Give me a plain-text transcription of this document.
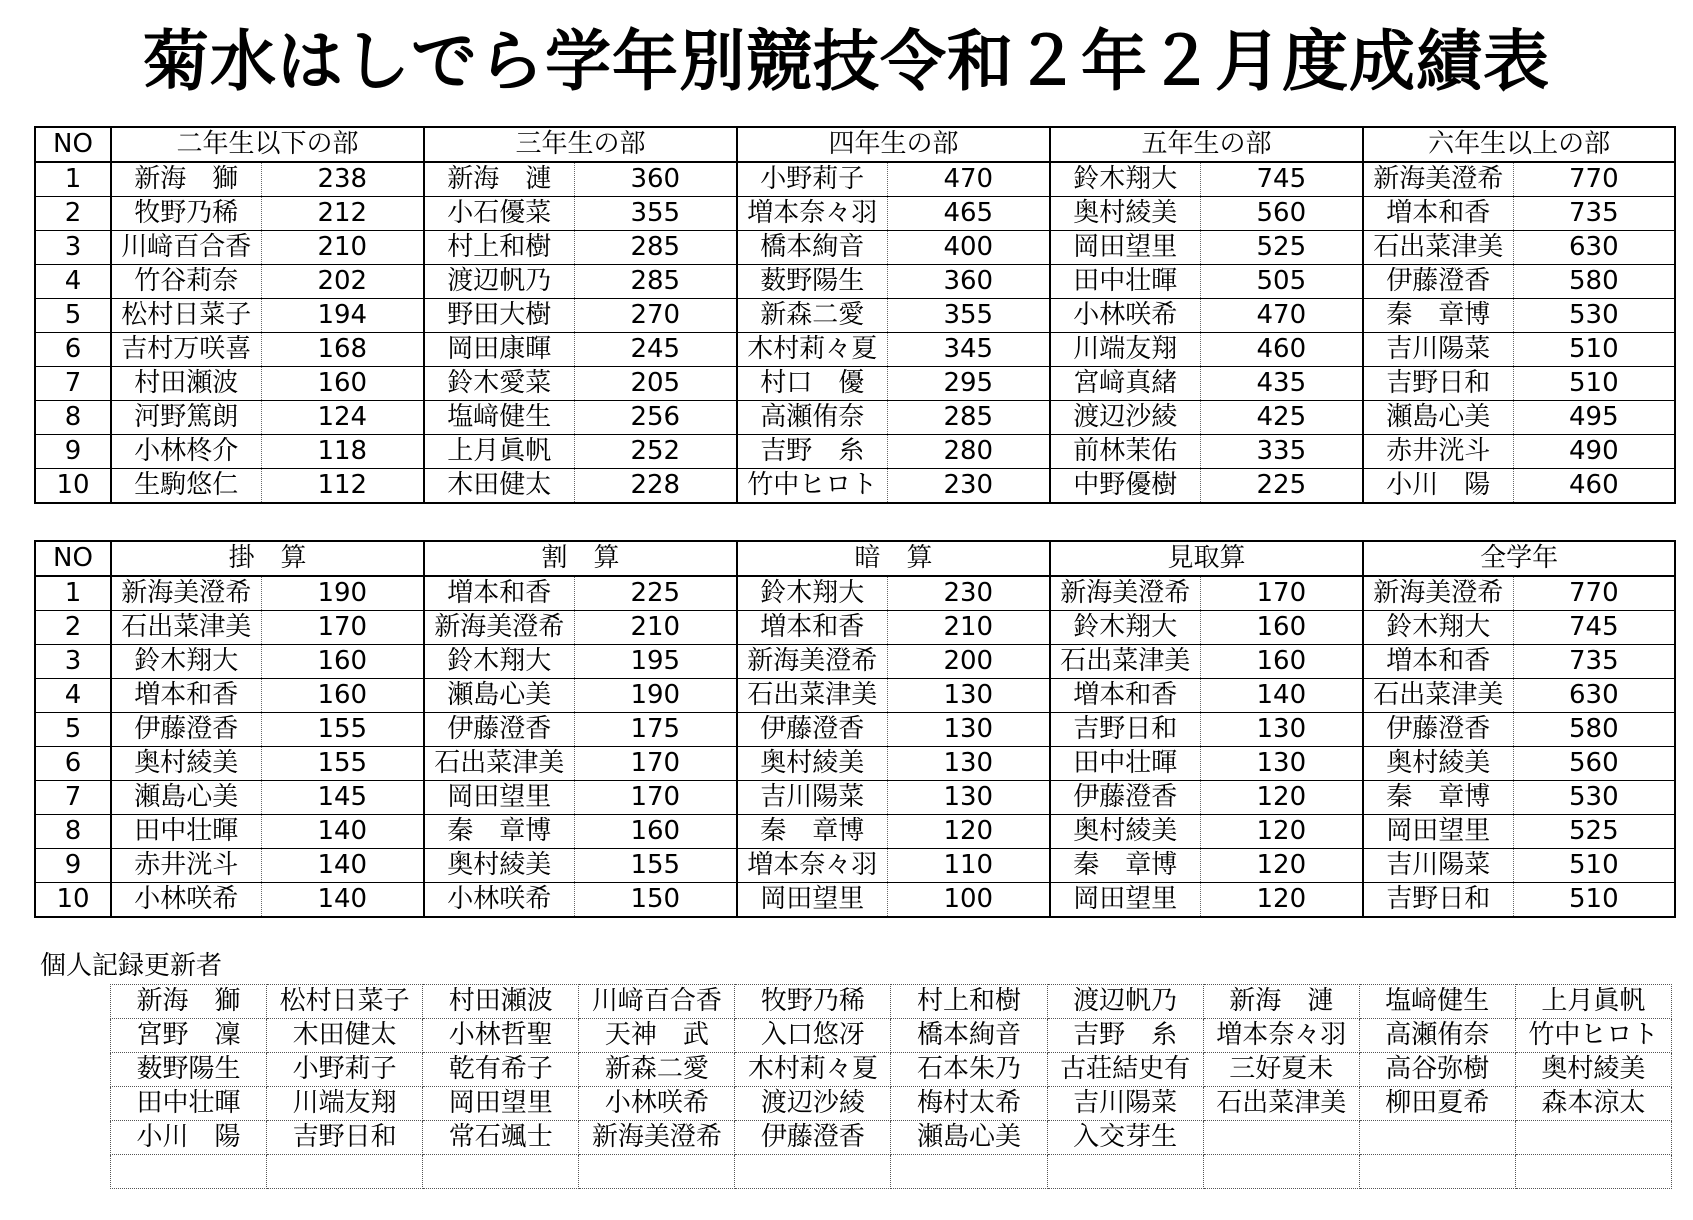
菊水はしでら学年別競技令和２年２月度成績表
NO	二年生以下の部		三年生の部		四年生の部		五年生の部		六年生以上の部	
1	新海　獅	238	新海　漣	360	小野莉子	470	鈴木翔大	745	新海美澄希	770
2	牧野乃稀	212	小石優菜	355	増本奈々羽	465	奥村綾美	560	増本和香	735
3	川﨑百合香	210	村上和樹	285	橋本絢音	400	岡田望里	525	石出菜津美	630
4	竹谷莉奈	202	渡辺帆乃	285	薮野陽生	360	田中壮暉	505	伊藤澄香	580
5	松村日菜子	194	野田大樹	270	新森二愛	355	小林咲希	470	秦　章博	530
6	吉村万咲喜	168	岡田康暉	245	木村莉々夏	345	川端友翔	460	吉川陽菜	510
7	村田瀬波	160	鈴木愛菜	205	村口　優	295	宮﨑真緒	435	吉野日和	510
8	河野篤朗	124	塩﨑健生	256	高瀬侑奈	285	渡辺沙綾	425	瀬島心美	495
9	小林柊介	118	上月眞帆	252	吉野　糸	280	前林茉佑	335	赤井洸斗	490
10	生駒悠仁	112	木田健太	228	竹中ヒロト	230	中野優樹	225	小川　陽	460
NO	掛　算		割　算		暗　算		見取算		全学年	
1	新海美澄希	190	増本和香	225	鈴木翔大	230	新海美澄希	170	新海美澄希	770
2	石出菜津美	170	新海美澄希	210	増本和香	210	鈴木翔大	160	鈴木翔大	745
3	鈴木翔大	160	鈴木翔大	195	新海美澄希	200	石出菜津美	160	増本和香	735
4	増本和香	160	瀬島心美	190	石出菜津美	130	増本和香	140	石出菜津美	630
5	伊藤澄香	155	伊藤澄香	175	伊藤澄香	130	吉野日和	130	伊藤澄香	580
6	奥村綾美	155	石出菜津美	170	奥村綾美	130	田中壮暉	130	奥村綾美	560
7	瀬島心美	145	岡田望里	170	吉川陽菜	130	伊藤澄香	120	秦　章博	530
8	田中壮暉	140	秦　章博	160	秦　章博	120	奥村綾美	120	岡田望里	525
9	赤井洸斗	140	奥村綾美	155	増本奈々羽	110	秦　章博	120	吉川陽菜	510
10	小林咲希	140	小林咲希	150	岡田望里	100	岡田望里	120	吉野日和	510
個人記録更新者
新海　獅	松村日菜子	村田瀬波	川﨑百合香	牧野乃稀	村上和樹	渡辺帆乃	新海　漣	塩﨑健生	上月眞帆
宮野　凜	木田健太	小林哲聖	天神　武	入口悠冴	橋本絢音	吉野　糸	増本奈々羽	高瀬侑奈	竹中ヒロト
薮野陽生	小野莉子	乾有希子	新森二愛	木村莉々夏	石本朱乃	古荘結史有	三好夏未	高谷弥樹	奥村綾美
田中壮暉	川端友翔	岡田望里	小林咲希	渡辺沙綾	梅村太希	吉川陽菜	石出菜津美	柳田夏希	森本涼太
小川　陽	吉野日和	常石颯士	新海美澄希	伊藤澄香	瀬島心美	入交芽生			
